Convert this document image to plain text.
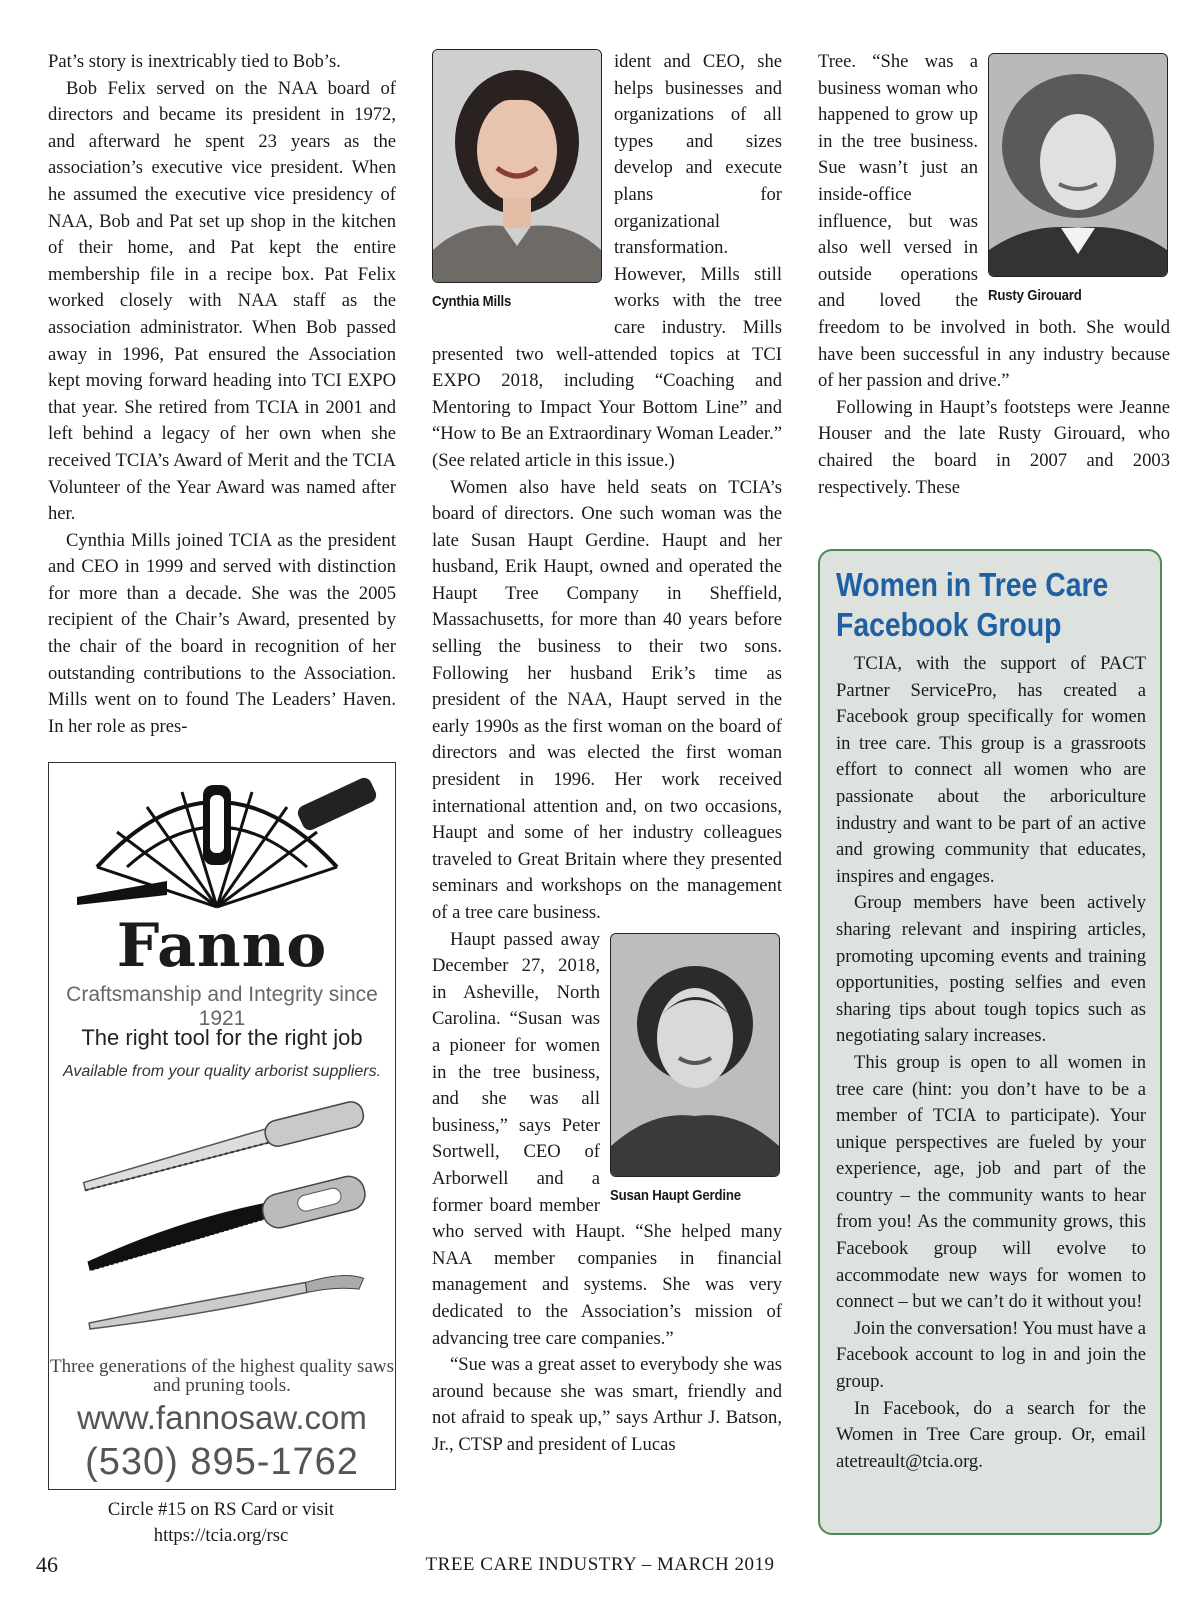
Pat’s story is inextricably tied to Bob’s.

Bob Felix served on the NAA board of directors and became its president in 1972, and afterward he spent 23 years as the association’s executive vice president. When he assumed the executive vice presidency of NAA, Bob and Pat set up shop in the kitchen of their home, and Pat kept the entire membership file in a recipe box. Pat Felix worked closely with NAA staff as the association administrator. When Bob passed away in 1996, Pat ensured the Association kept moving forward heading into TCI EXPO that year. She retired from TCIA in 2001 and left behind a legacy of her own when she received TCIA’s Award of Merit and the TCIA Volunteer of the Year Award was named after her.

Cynthia Mills joined TCIA as the president and CEO in 1999 and served with distinction for more than a decade. She was the 2005 recipient of the Chair’s Award, presented by the chair of the board in recognition of her outstanding contributions to the Association. Mills went on to found The Leaders’ Haven. In her role as pres-

Fanno
Craftsmanship and Integrity since 1921
The right tool for the right job
Available from your quality arborist suppliers.
Three generations of the highest quality saws and pruning tools.
www.fannosaw.com
(530) 895-1762
Circle #15 on RS Card or visit https://tcia.org/rsc
Cynthia Mills

ident and CEO, she helps businesses and organizations of all types and sizes develop and execute plans for organizational transformation. However, Mills still works with the tree care industry. Mills presented two well-attended topics at TCI EXPO 2018, including “Coaching and Mentoring to Impact Your Bottom Line” and “How to Be an Extraordinary Woman Leader.” (See related article in this issue.)

Women also have held seats on TCIA’s board of directors. One such woman was the late Susan Haupt Gerdine. Haupt and her husband, Erik Haupt, owned and operated the Haupt Tree Company in Sheffield, Massachusetts, for more than 40 years before selling the business to their two sons. Following her husband Erik’s time as president of the NAA, Haupt served in the early 1990s as the first woman on the board of directors and was elected the first woman president in 1996. Her work received international attention and, on two occasions, Haupt and some of her industry colleagues traveled to Great Britain where they presented seminars and workshops on the management of a tree care business.

Susan Haupt Gerdine

Haupt passed away December 27, 2018, in Asheville, North Carolina. “Susan was a pioneer for women in the tree business, and she was all business,” says Peter Sortwell, CEO of Arborwell and a former board member who served with Haupt. “She helped many NAA member companies in financial management and systems. She was very dedicated to the Association’s mission of advancing tree care companies.”

“Sue was a great asset to everybody she was around because she was smart, friendly and not afraid to speak up,” says Arthur J. Batson, Jr., CTSP and president of Lucas

Rusty Girouard
Tree. “She was a business woman who happened to grow up in the tree business. Sue wasn’t just an inside-office influence, but was also well versed in outside operations and loved the freedom to be involved in both. She would have been successful in any industry because of her passion and drive.”

Following in Haupt’s footsteps were Jeanne Houser and the late Rusty Girouard, who chaired the board in 2007 and 2003 respectively. These

Women in Tree Care Facebook Group

TCIA, with the support of PACT Partner ServicePro, has created a Facebook group specifically for women in tree care. This group is a grassroots effort to connect all women who are passionate about the arboriculture industry and want to be part of an active and growing community that educates, inspires and engages.

Group members have been actively sharing relevant and inspiring articles, promoting upcoming events and training opportunities, posting selfies and even sharing tips about tough topics such as negotiating salary increases.

This group is open to all women in tree care (hint: you don’t have to be a member of TCIA to participate). Your unique perspectives are fueled by your experience, age, job and part of the country – the community wants to hear from you! As the community grows, this Facebook group will evolve to accommodate new ways for women to connect – but we can’t do it without you!

Join the conversation! You must have a Facebook account to log in and join the group.

In Facebook, do a search for the Women in Tree Care group. Or, email atetreault@tcia.org.

46	TREE CARE INDUSTRY – MARCH 2019
